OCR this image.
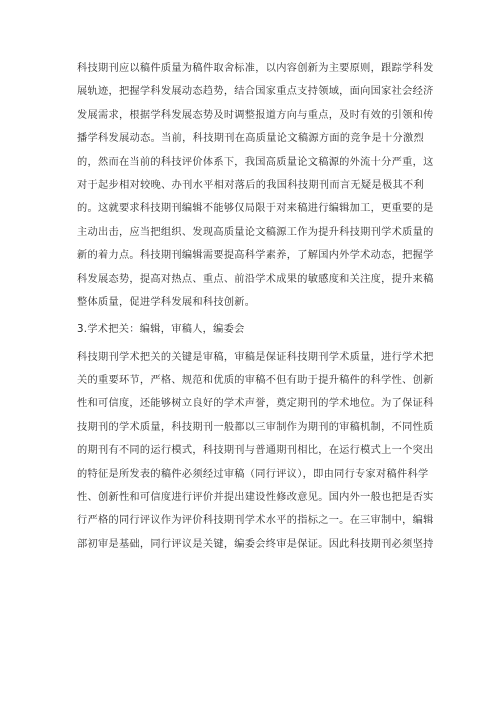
科技期刊应以稿件质量为稿件取舍标准，以内容创新为主要原则，跟踪学科发
展轨迹，把握学科发展动态趋势，结合国家重点支持领域，面向国家社会经济
发展需求，根据学科发展态势及时调整报道方向与重点，及时有效的引领和传
播学科发展动态。当前，科技期刊在高质量论文稿源方面的竞争是十分激烈
的，然而在当前的科技评价体系下，我国高质量论文稿源的外流十分严重，这
对于起步相对较晚、办刊水平相对落后的我国科技期刊而言无疑是极其不利
的。这就要求科技期刊编辑不能够仅局限于对来稿进行编辑加工，更重要的是
主动出击，应当把组织、发现高质量论文稿源工作为提升科技期刊学术质量的
新的着力点。科技期刊编辑需要提高科学素养，了解国内外学术动态，把握学
科发展态势，提高对热点、重点、前沿学术成果的敏感度和关注度，提升来稿
整体质量，促进学科发展和科技创新。
3.学术把关：编辑，审稿人，编委会
科技期刊学术把关的关键是审稿，审稿是保证科技期刊学术质量，进行学术把
关的重要环节，严格、规范和优质的审稿不但有助于提升稿件的科学性、创新
性和可信度，还能够树立良好的学术声誉，奠定期刊的学术地位。为了保证科
技期刊的学术质量，科技期刊一般都以三审制作为期刊的审稿机制，不同性质
的期刊有不同的运行模式，科技期刊与普通期刊相比，在运行模式上一个突出
的特征是所发表的稿件必须经过审稿（同行评议），即由同行专家对稿件科学
性、创新性和可信度进行评价并提出建设性修改意见。国内外一般也把是否实
行严格的同行评议作为评价科技期刊学术水平的指标之一。在三审制中，编辑
部初审是基础，同行评议是关键，编委会终审是保证。因此科技期刊必须坚持
